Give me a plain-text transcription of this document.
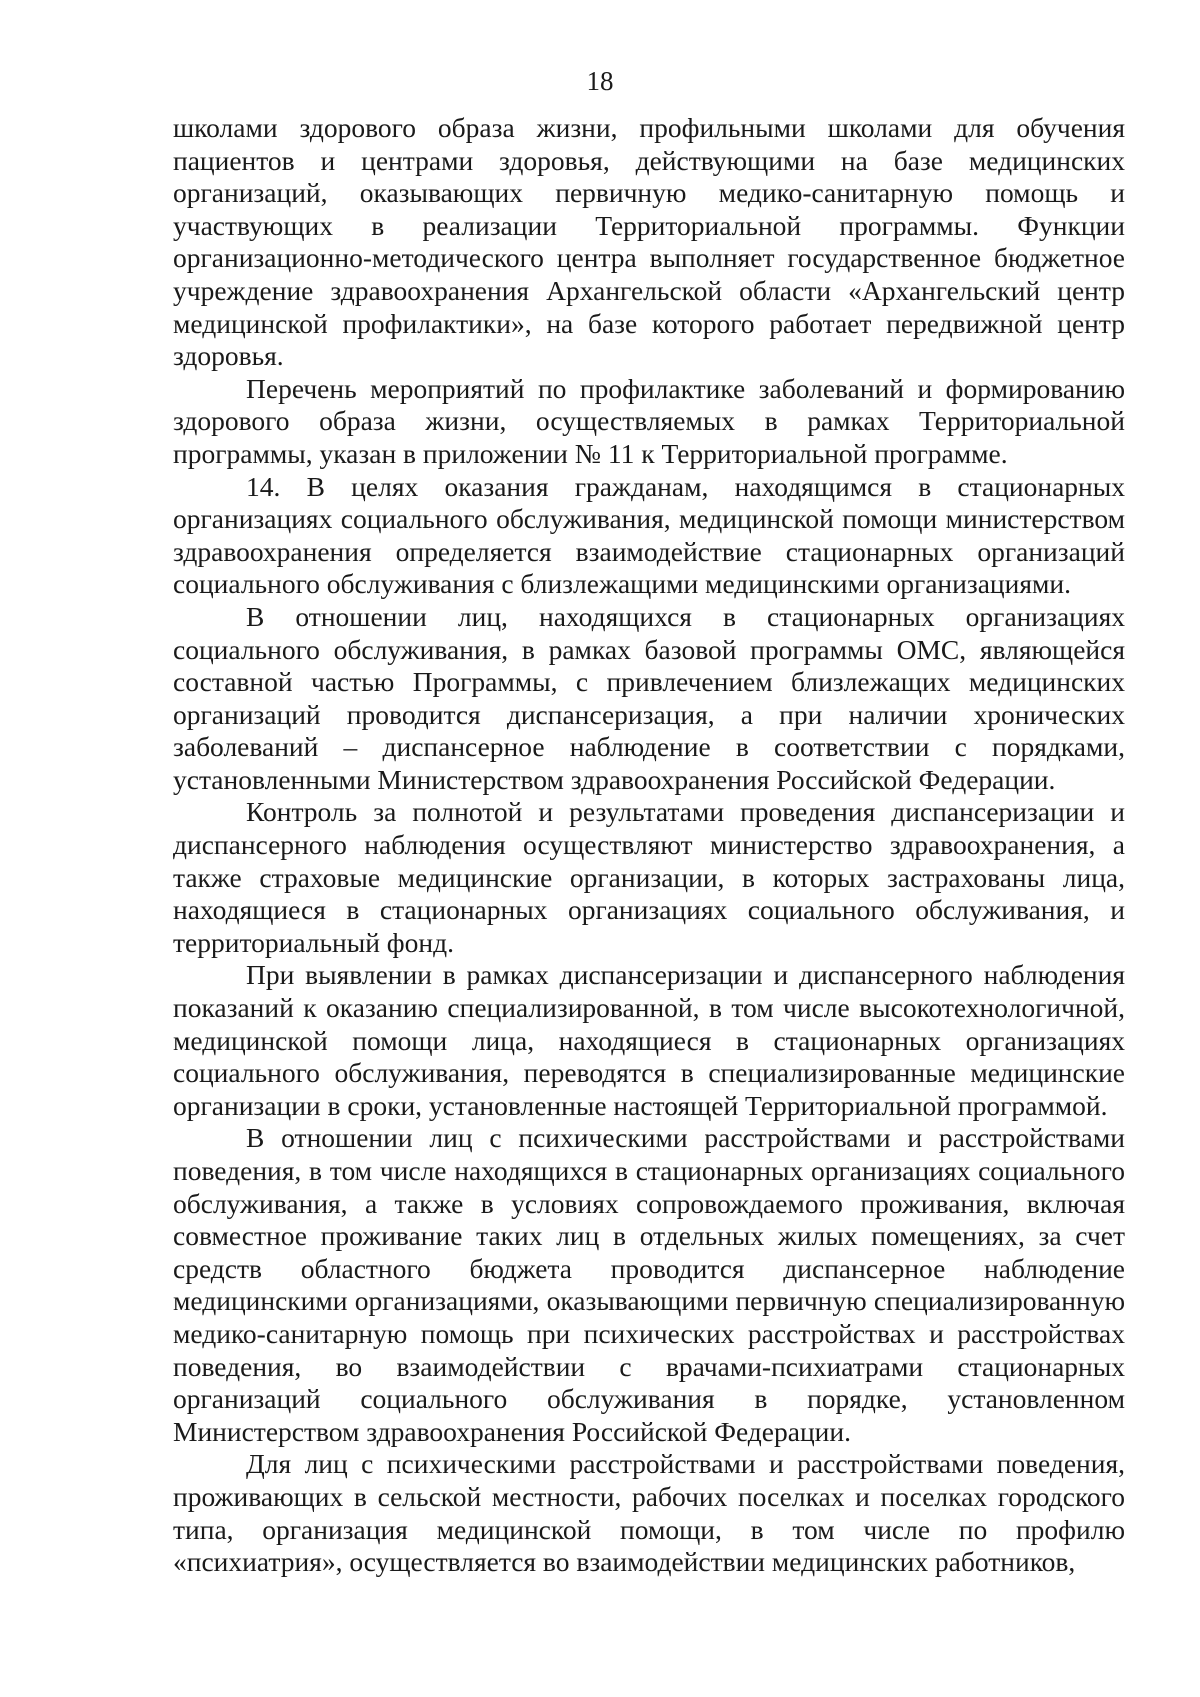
18

школами здорового образа жизни, профильными школами для обучения пациентов и центрами здоровья, действующими на базе медицинских организаций, оказывающих первичную медико-санитарную помощь и участвующих в реализации Территориальной программы. Функции организационно-методического центра выполняет государственное бюджетное учреждение здравоохранения Архангельской области «Архангельский центр медицинской профилактики», на базе которого работает передвижной центр здоровья.

Перечень мероприятий по профилактике заболеваний и формированию здорового образа жизни, осуществляемых в рамках Территориальной программы, указан в приложении № 11 к Территориальной программе.

14. В целях оказания гражданам, находящимся в стационарных организациях социального обслуживания, медицинской помощи министерством здравоохранения определяется взаимодействие стационарных организаций социального обслуживания с близлежащими медицинскими организациями.

В отношении лиц, находящихся в стационарных организациях социального обслуживания, в рамках базовой программы ОМС, являющейся составной частью Программы, с привлечением близлежащих медицинских организаций проводится диспансеризация, а при наличии хронических заболеваний – диспансерное наблюдение в соответствии с порядками, установленными Министерством здравоохранения Российской Федерации.

Контроль за полнотой и результатами проведения диспансеризации и диспансерного наблюдения осуществляют министерство здравоохранения, а также страховые медицинские организации, в которых застрахованы лица, находящиеся в стационарных организациях социального обслуживания, и территориальный фонд.

При выявлении в рамках диспансеризации и диспансерного наблюдения показаний к оказанию специализированной, в том числе высокотехнологичной, медицинской помощи лица, находящиеся в стационарных организациях социального обслуживания, переводятся в специализированные медицинские организации в сроки, установленные настоящей Территориальной программой.

В отношении лиц с психическими расстройствами и расстройствами поведения, в том числе находящихся в стационарных организациях социального обслуживания, а также в условиях сопровождаемого проживания, включая совместное проживание таких лиц в отдельных жилых помещениях, за счет средств областного бюджета проводится диспансерное наблюдение медицинскими организациями, оказывающими первичную специализированную медико-санитарную помощь при психических расстройствах и расстройствах поведения, во взаимодействии с врачами-психиатрами стационарных организаций социального обслуживания в порядке, установленном Министерством здравоохранения Российской Федерации.

Для лиц с психическими расстройствами и расстройствами поведения, проживающих в сельской местности, рабочих поселках и поселках городского типа, организация медицинской помощи, в том числе по профилю «психиатрия», осуществляется во взаимодействии медицинских работников,
